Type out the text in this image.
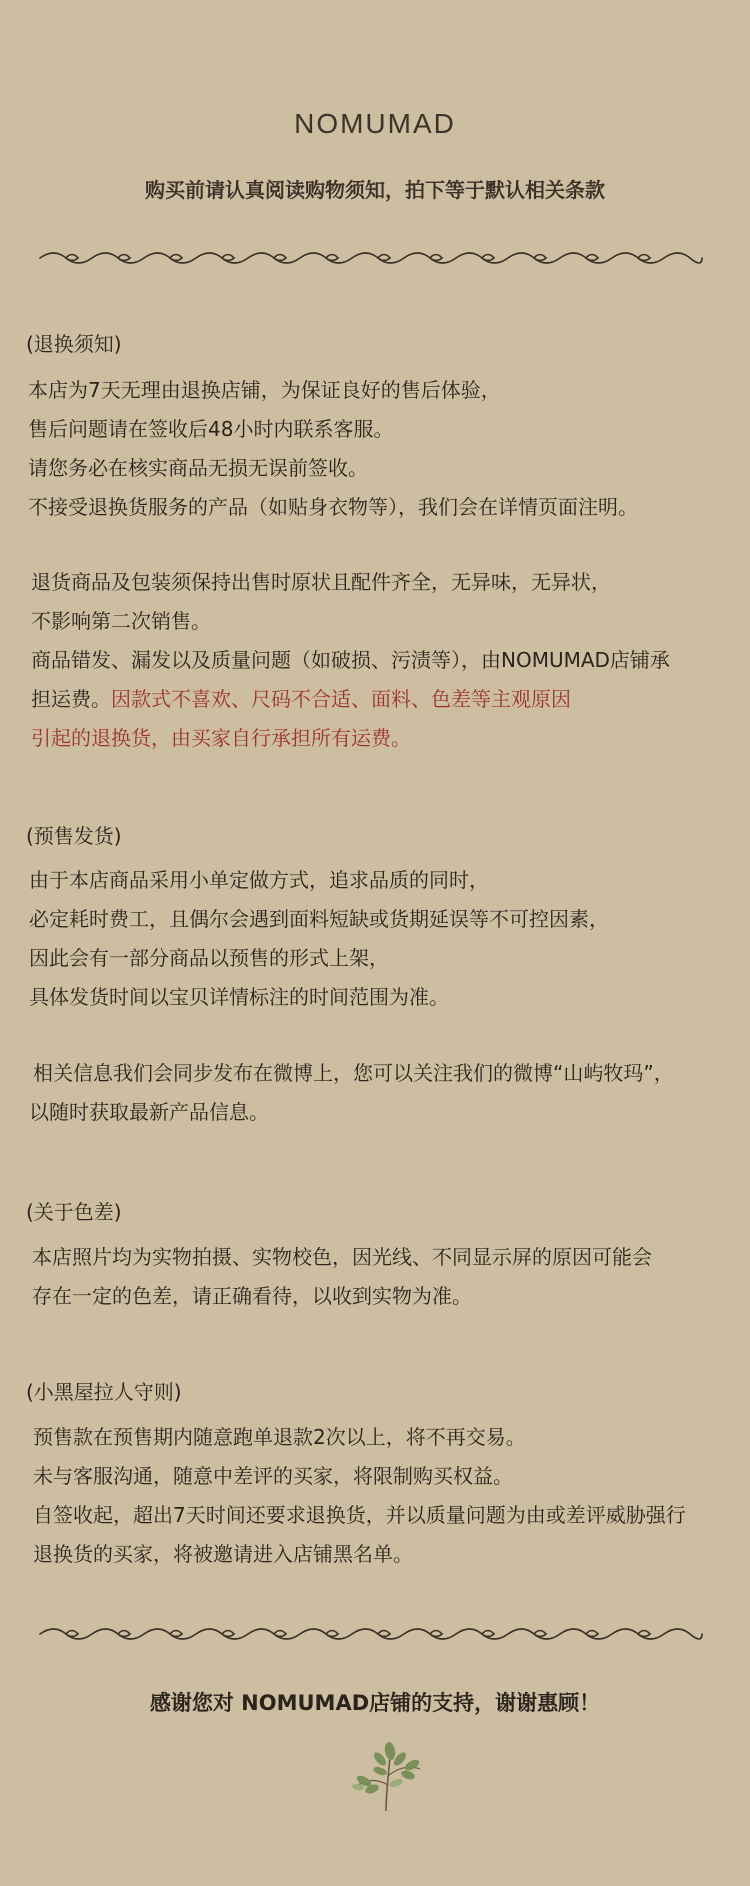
NOMUMAD
购买前请认真阅读购物须知，拍下等于默认相关条款
(退换须知)
本店为7天无理由退换店铺，为保证良好的售后体验，
售后问题请在签收后48小时内联系客服。
请您务必在核实商品无损无误前签收。
不接受退换货服务的产品（如贴身衣物等），我们会在详情页面注明。
退货商品及包装须保持出售时原状且配件齐全，无异味，无异状，
不影响第二次销售。
商品错发、漏发以及质量问题（如破损、污渍等），由NOMUMAD店铺承
担运费。因款式不喜欢、尺码不合适、面料、色差等主观原因
引起的退换货，由买家自行承担所有运费。
(预售发货)
由于本店商品采用小单定做方式，追求品质的同时，
必定耗时费工，且偶尔会遇到面料短缺或货期延误等不可控因素，
因此会有一部分商品以预售的形式上架，
具体发货时间以宝贝详情标注的时间范围为准。
相关信息我们会同步发布在微博上，您可以关注我们的微博“山屿牧玛”，
以随时获取最新产品信息。
(关于色差)
本店照片均为实物拍摄、实物校色，因光线、不同显示屏的原因可能会
存在一定的色差，请正确看待，以收到实物为准。
(小黑屋拉人守则)
预售款在预售期内随意跑单退款2次以上，将不再交易。
未与客服沟通，随意中差评的买家，将限制购买权益。
自签收起，超出7天时间还要求退换货，并以质量问题为由或差评威胁强行
退换货的买家，将被邀请进入店铺黑名单。
感谢您对 NOMUMAD店铺的支持，谢谢惠顾！
